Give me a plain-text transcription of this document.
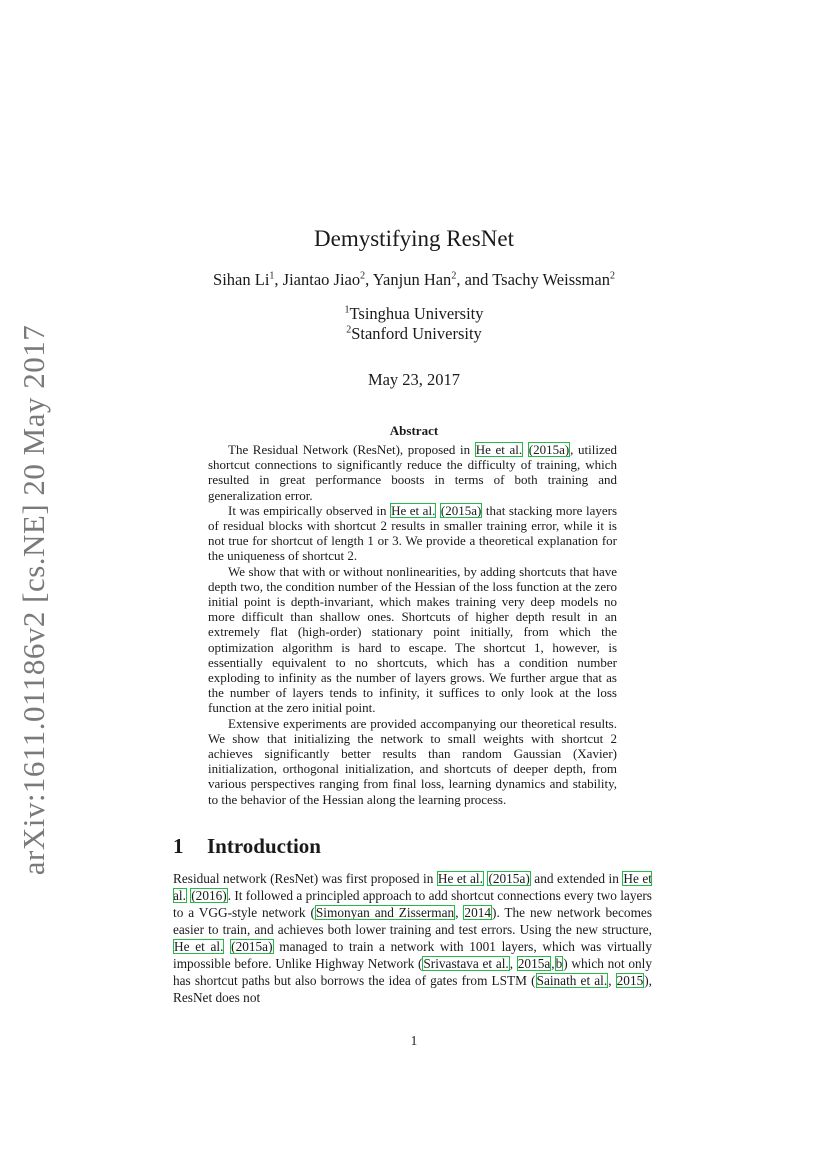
arXiv:1611.01186v2 [cs.NE] 20 May 2017
Demystifying ResNet
Sihan Li$^1$, Jiantao Jiao$^2$, Yanjun Han$^2$, and Tsachy Weissman$^2$
$^1$Tsinghua University
$^2$Stanford University
May 23, 2017
Abstract

The Residual Network (ResNet), proposed in He et al. (2015a), utilized shortcut connections to significantly reduce the difficulty of training, which resulted in great performance boosts in terms of both training and generalization error.

It was empirically observed in He et al. (2015a) that stacking more layers of residual blocks with shortcut 2 results in smaller training error, while it is not true for shortcut of length 1 or 3. We provide a theoretical explanation for the uniqueness of shortcut 2.

We show that with or without nonlinearities, by adding shortcuts that have depth two, the condition number of the Hessian of the loss function at the zero initial point is depth-invariant, which makes training very deep models no more difficult than shallow ones. Shortcuts of higher depth result in an extremely flat (high-order) stationary point initially, from which the optimization algorithm is hard to escape. The shortcut 1, however, is essentially equivalent to no shortcuts, which has a condition number exploding to infinity as the number of layers grows. We further argue that as the number of layers tends to infinity, it suffices to only look at the loss function at the zero initial point.

Extensive experiments are provided accompanying our theoretical results. We show that initializing the network to small weights with shortcut 2 achieves significantly better results than random Gaussian (Xavier) initialization, orthogonal initialization, and shortcuts of deeper depth, from various perspectives ranging from final loss, learning dynamics and stability, to the behavior of the Hessian along the learning process.

1 Introduction

Residual network (ResNet) was first proposed in He et al. (2015a) and extended in He et al. (2016). It followed a principled approach to add shortcut connections every two layers to a VGG-style network (Simonyan and Zisserman, 2014). The new network becomes easier to train, and achieves both lower training and test errors. Using the new structure, He et al. (2015a) managed to train a network with 1001 layers, which was virtually impossible before. Unlike Highway Network (Srivastava et al., 2015a,b) which not only has shortcut paths but also borrows the idea of gates from LSTM (Sainath et al., 2015), ResNet does not

1
